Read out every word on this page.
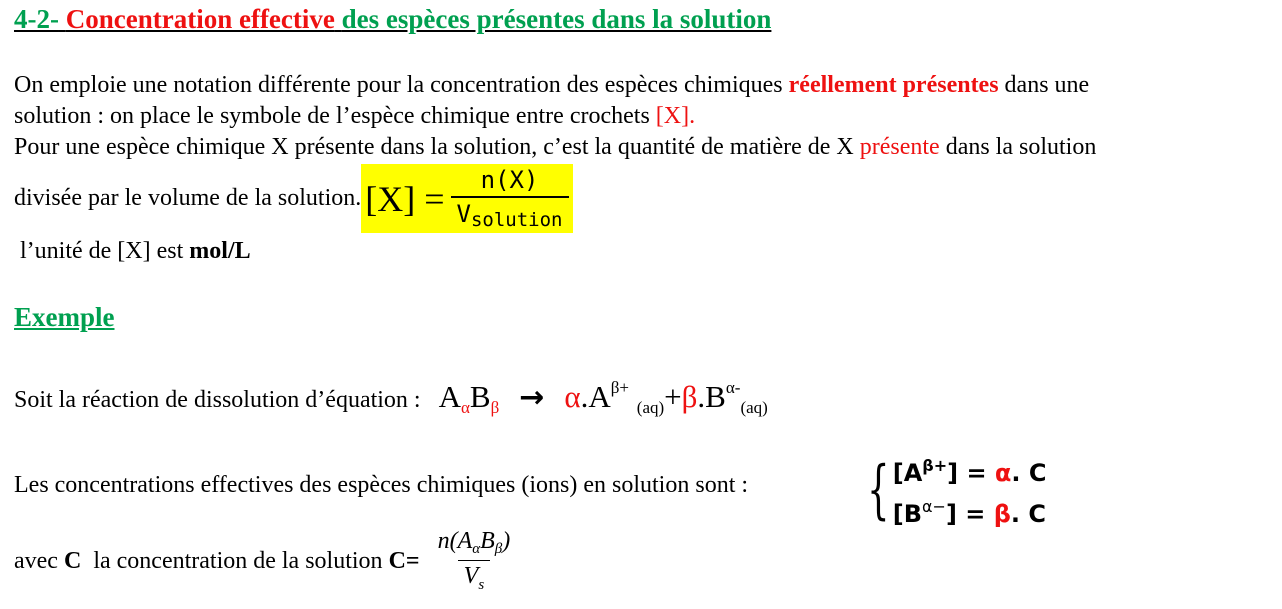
4-2- Concentration effective des espèces présentes dans la solution
On emploie une notation différente pour la concentration des espèces chimiques réellement présentes dans une
solution : on place le symbole de l’espèce chimique entre crochets [X].
Pour une espèce chimique X présente dans la solution, c’est la quantité de matière de X présente dans la solution
divisée par le volume de la solution. $[X] = \frac{n(X)}{\text{Vsolution}}$
l’unité de [X] est mol/L
Exemple
Soit la réaction de dissolution d’équation : $A_\alpha B_\beta \to \alpha.A^{\beta+}$ $_{(aq)}+\beta.B^{\alpha-}_{(aq)}$
Les concentrations effectives des espèces chimiques (ions) en solution sont : { $[A^{\beta+}] = \alpha$. C
$[B^{\alpha-}] = \beta$. C
avec
C
la concentration de la solution
$C= \frac{n(A_\alpha B_\beta)}{V_s}$
